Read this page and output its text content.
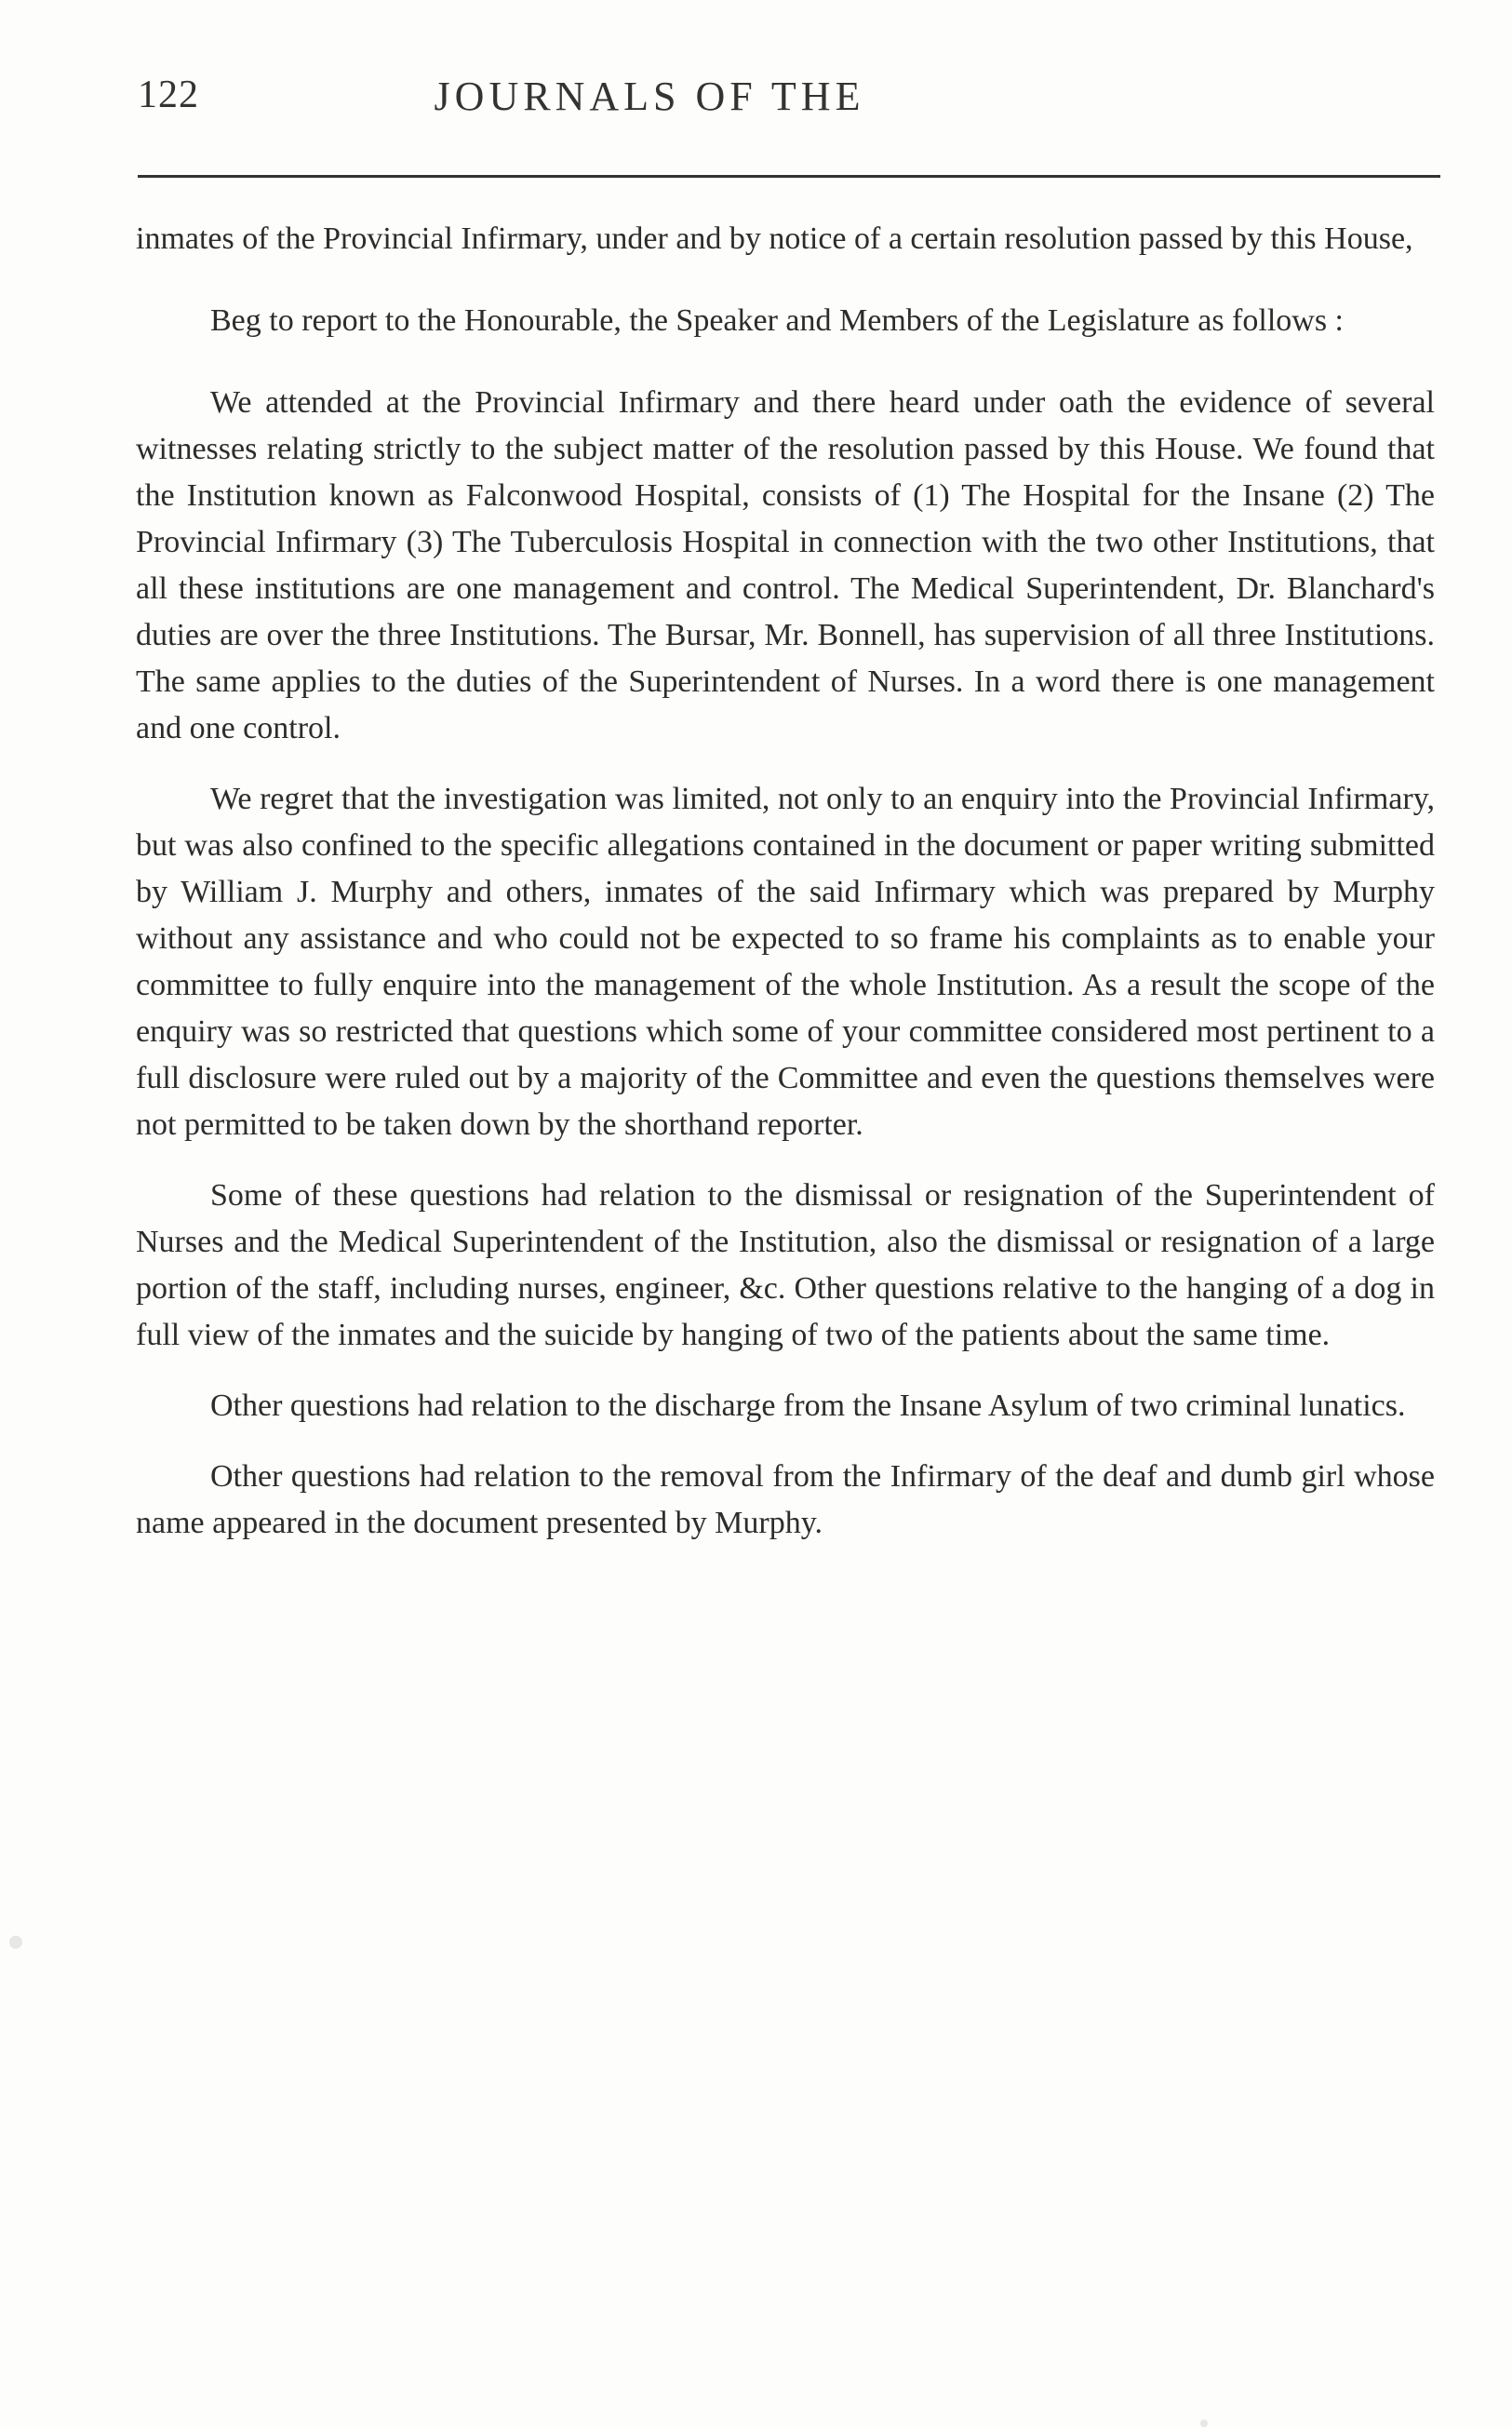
122	JOURNALS OF THE

inmates of the Provincial Infirmary, under and by notice of a certain resolution passed by this House,

Beg to report to the Honourable, the Speaker and Members of the Legislature as follows :

We attended at the Provincial Infirmary and there heard under oath the evidence of several witnesses relating strictly to the subject matter of the resolution passed by this House. We found that the Institution known as Falconwood Hospital, consists of (1) The Hospital for the Insane (2) The Provincial Infirmary (3) The Tuberculosis Hospital in connection with the two other Institutions, that all these institutions are one management and control. The Medical Superintendent, Dr. Blanchard's duties are over the three Institutions. The Bursar, Mr. Bonnell, has supervision of all three Institutions. The same applies to the duties of the Superintendent of Nurses. In a word there is one management and one control.

We regret that the investigation was limited, not only to an enquiry into the Provincial Infirmary, but was also confined to the specific allegations contained in the document or paper writing submitted by William J. Murphy and others, inmates of the said Infirmary which was prepared by Murphy without any assistance and who could not be expected to so frame his complaints as to enable your committee to fully enquire into the management of the whole Institution. As a result the scope of the enquiry was so restricted that questions which some of your committee considered most pertinent to a full disclosure were ruled out by a majority of the Committee and even the questions themselves were not permitted to be taken down by the shorthand reporter.

Some of these questions had relation to the dismissal or resignation of the Superintendent of Nurses and the Medical Superintendent of the Institution, also the dismissal or resignation of a large portion of the staff, including nurses, engineer, &c. Other questions relative to the hanging of a dog in full view of the inmates and the suicide by hanging of two of the patients about the same time.

Other questions had relation to the discharge from the Insane Asylum of two criminal lunatics.

Other questions had relation to the removal from the Infirmary of the deaf and dumb girl whose name appeared in the document presented by Murphy.
